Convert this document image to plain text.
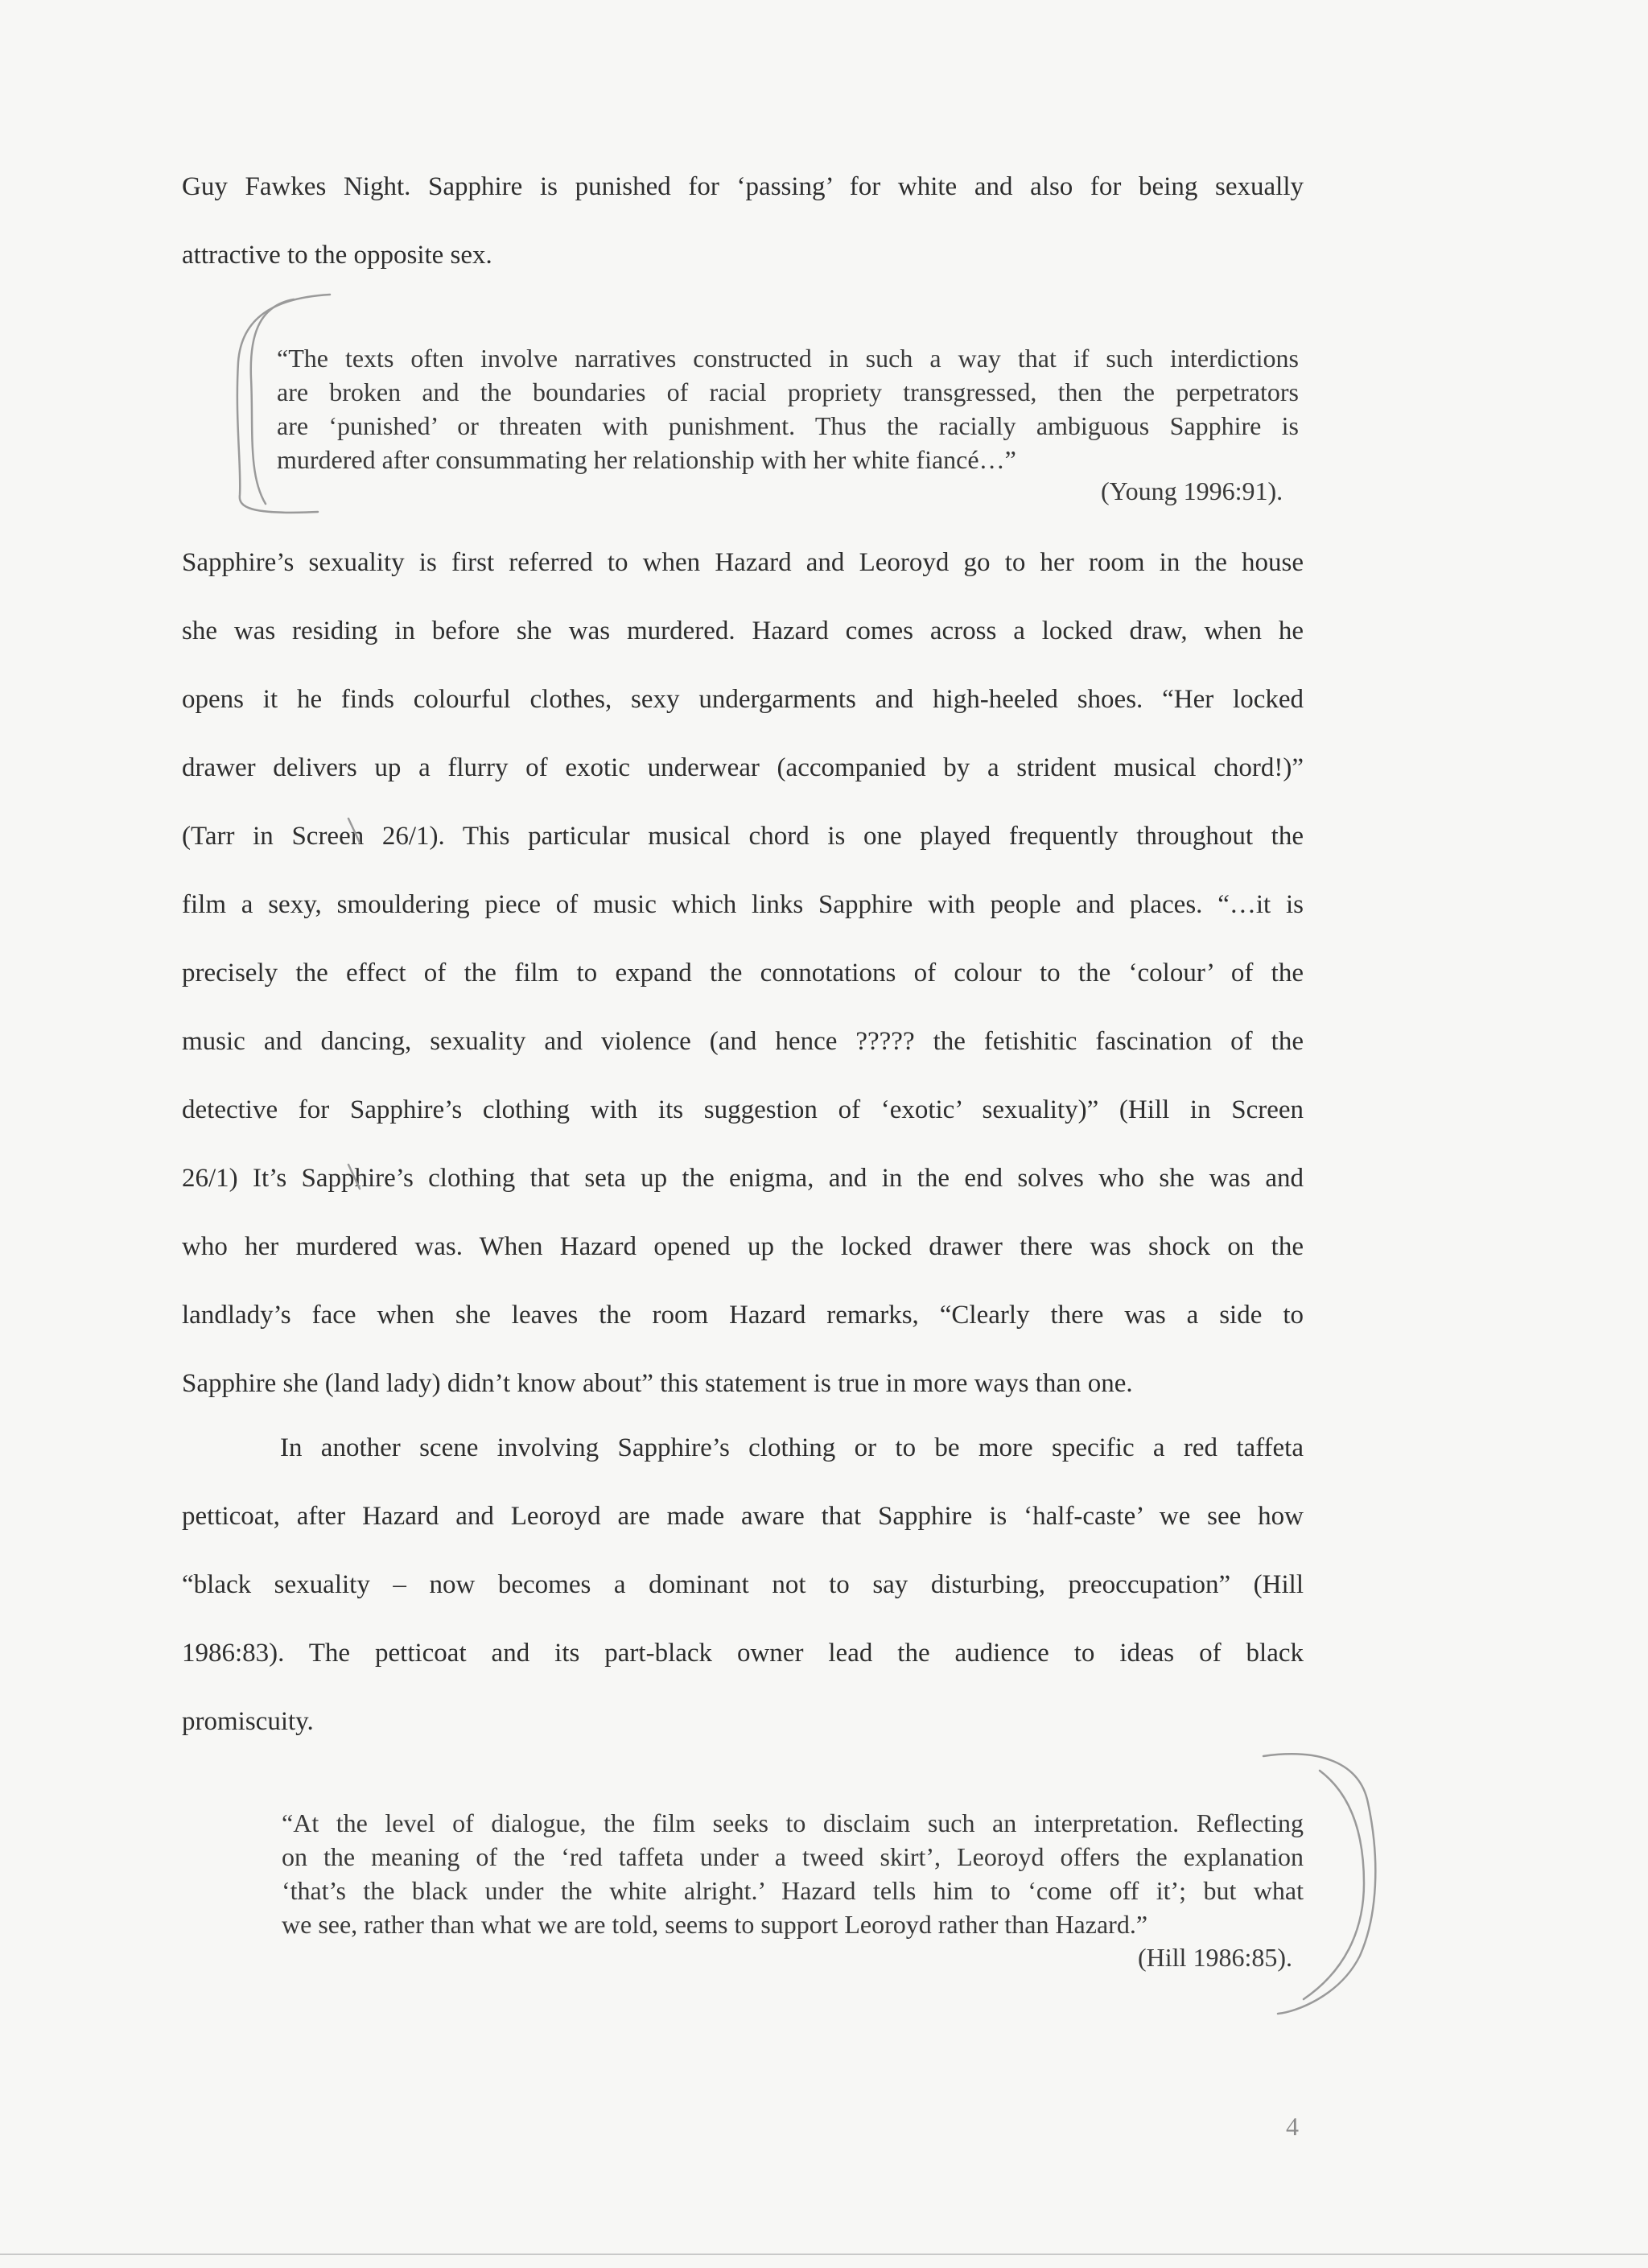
Guy Fawkes Night. Sapphire is punished for ‘passing’ for white and also for being sexually
attractive to the opposite sex.
“The texts often involve narratives constructed in such a way that if such interdictions
are broken and the boundaries of racial propriety transgressed, then the perpetrators
are ‘punished’ or threaten with punishment. Thus the racially ambiguous Sapphire is
murdered after consummating her relationship with her white fiancé…”
(Young 1996:91).
Sapphire’s sexuality is first referred to when Hazard and Leoroyd go to her room in the house
she was residing in before she was murdered. Hazard comes across a locked draw, when he
opens it he finds colourful clothes, sexy undergarments and high-heeled shoes. “Her locked
drawer delivers up a flurry of exotic underwear (accompanied by a strident musical chord!)”
(Tarr in Screen 26/1). This particular musical chord is one played frequently throughout the
film a sexy, smouldering piece of music which links Sapphire with people and places. “…it is
precisely the effect of the film to expand the connotations of colour to the ‘colour’ of the
music and dancing, sexuality and violence (and hence ????? the fetishitic fascination of the
detective for Sapphire’s clothing with its suggestion of ‘exotic’ sexuality)” (Hill in Screen
26/1) It’s Sapphire’s clothing that seta up the enigma, and in the end solves who she was and
who her murdered was. When Hazard opened up the locked drawer there was shock on the
landlady’s face when she leaves the room Hazard remarks, “Clearly there was a side to
Sapphire she (land lady) didn’t know about” this statement is true in more ways than one.
In another scene involving Sapphire’s clothing or to be more specific a red taffeta
petticoat, after Hazard and Leoroyd are made aware that Sapphire is ‘half-caste’ we see how
“black sexuality – now becomes a dominant not to say disturbing, preoccupation” (Hill
1986:83). The petticoat and its part-black owner lead the audience to ideas of black
promiscuity.
“At the level of dialogue, the film seeks to disclaim such an interpretation. Reflecting
on the meaning of the ‘red taffeta under a tweed skirt’, Leoroyd offers the explanation
‘that’s the black under the white alright.’ Hazard tells him to ‘come off it’; but what
we see, rather than what we are told, seems to support Leoroyd rather than Hazard.”
(Hill 1986:85).
4
